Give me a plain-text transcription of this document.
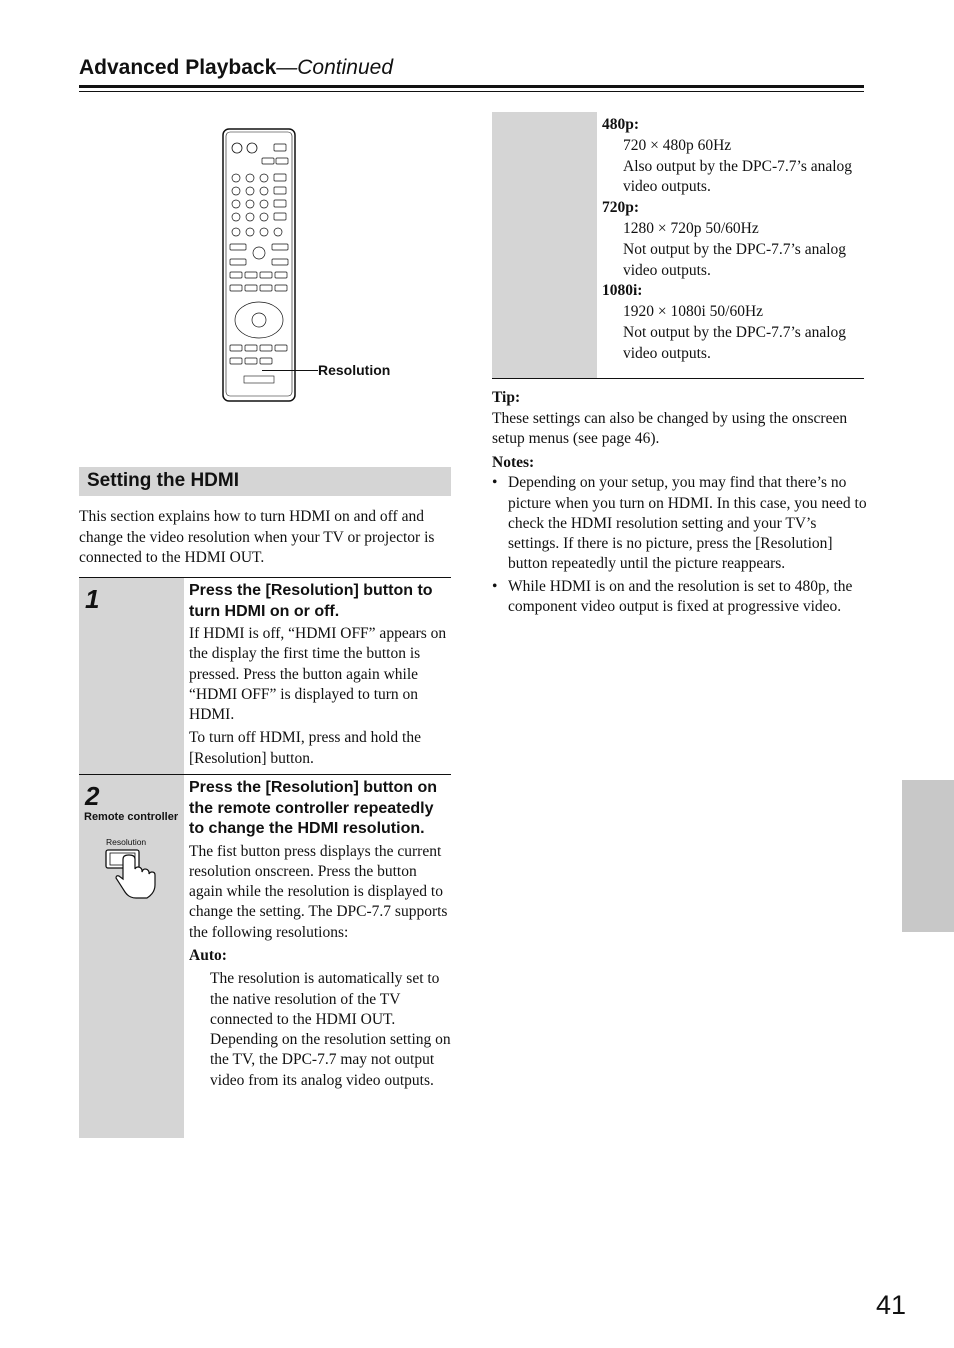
Advanced Playback—Continued
Resolution
Setting the HDMI
This section explains how to turn HDMI on and off and change the video resolution when your TV or projector is connected to the HDMI OUT.
1	Press the [Resolution] button to turn HDMI on or off.

If HDMI is off, “HDMI OFF” appears on the display the first time the button is pressed. Press the button again while “HDMI OFF” is displayed to turn on HDMI.

To turn off HDMI, press and hold the [Resolution] button.

2
Remote controller
Resolution
Press the [Resolution] button on the remote controller repeatedly to change the HDMI resolution.

The fist button press displays the current resolution onscreen. Press the button again while the resolution is displayed to change the setting. The DPC-7.7 supports the following resolutions:

Auto:

The resolution is automatically set to the native resolution of the TV connected to the HDMI OUT. Depending on the resolution setting on the TV, the DPC-7.7 may not output video from its analog video outputs.

480p:

720 × 480p 60Hz

Also output by the DPC-7.7’s analog video outputs.

720p:

1280 × 720p 50/60Hz

Not output by the DPC-7.7’s analog video outputs.

1080i:

1920 × 1080i 50/60Hz

Not output by the DPC-7.7’s analog video outputs.

Tip:

These settings can also be changed by using the onscreen setup menus (see page 46).

Notes:

• Depending on your setup, you may find that there’s no picture when you turn on HDMI. In this case, you need to check the HDMI resolution setting and your TV’s settings. If there is no picture, press the [Resolution] button repeatedly until the picture reappears.
• While HDMI is on and the resolution is set to 480p, the component video output is fixed at progressive video.
41
